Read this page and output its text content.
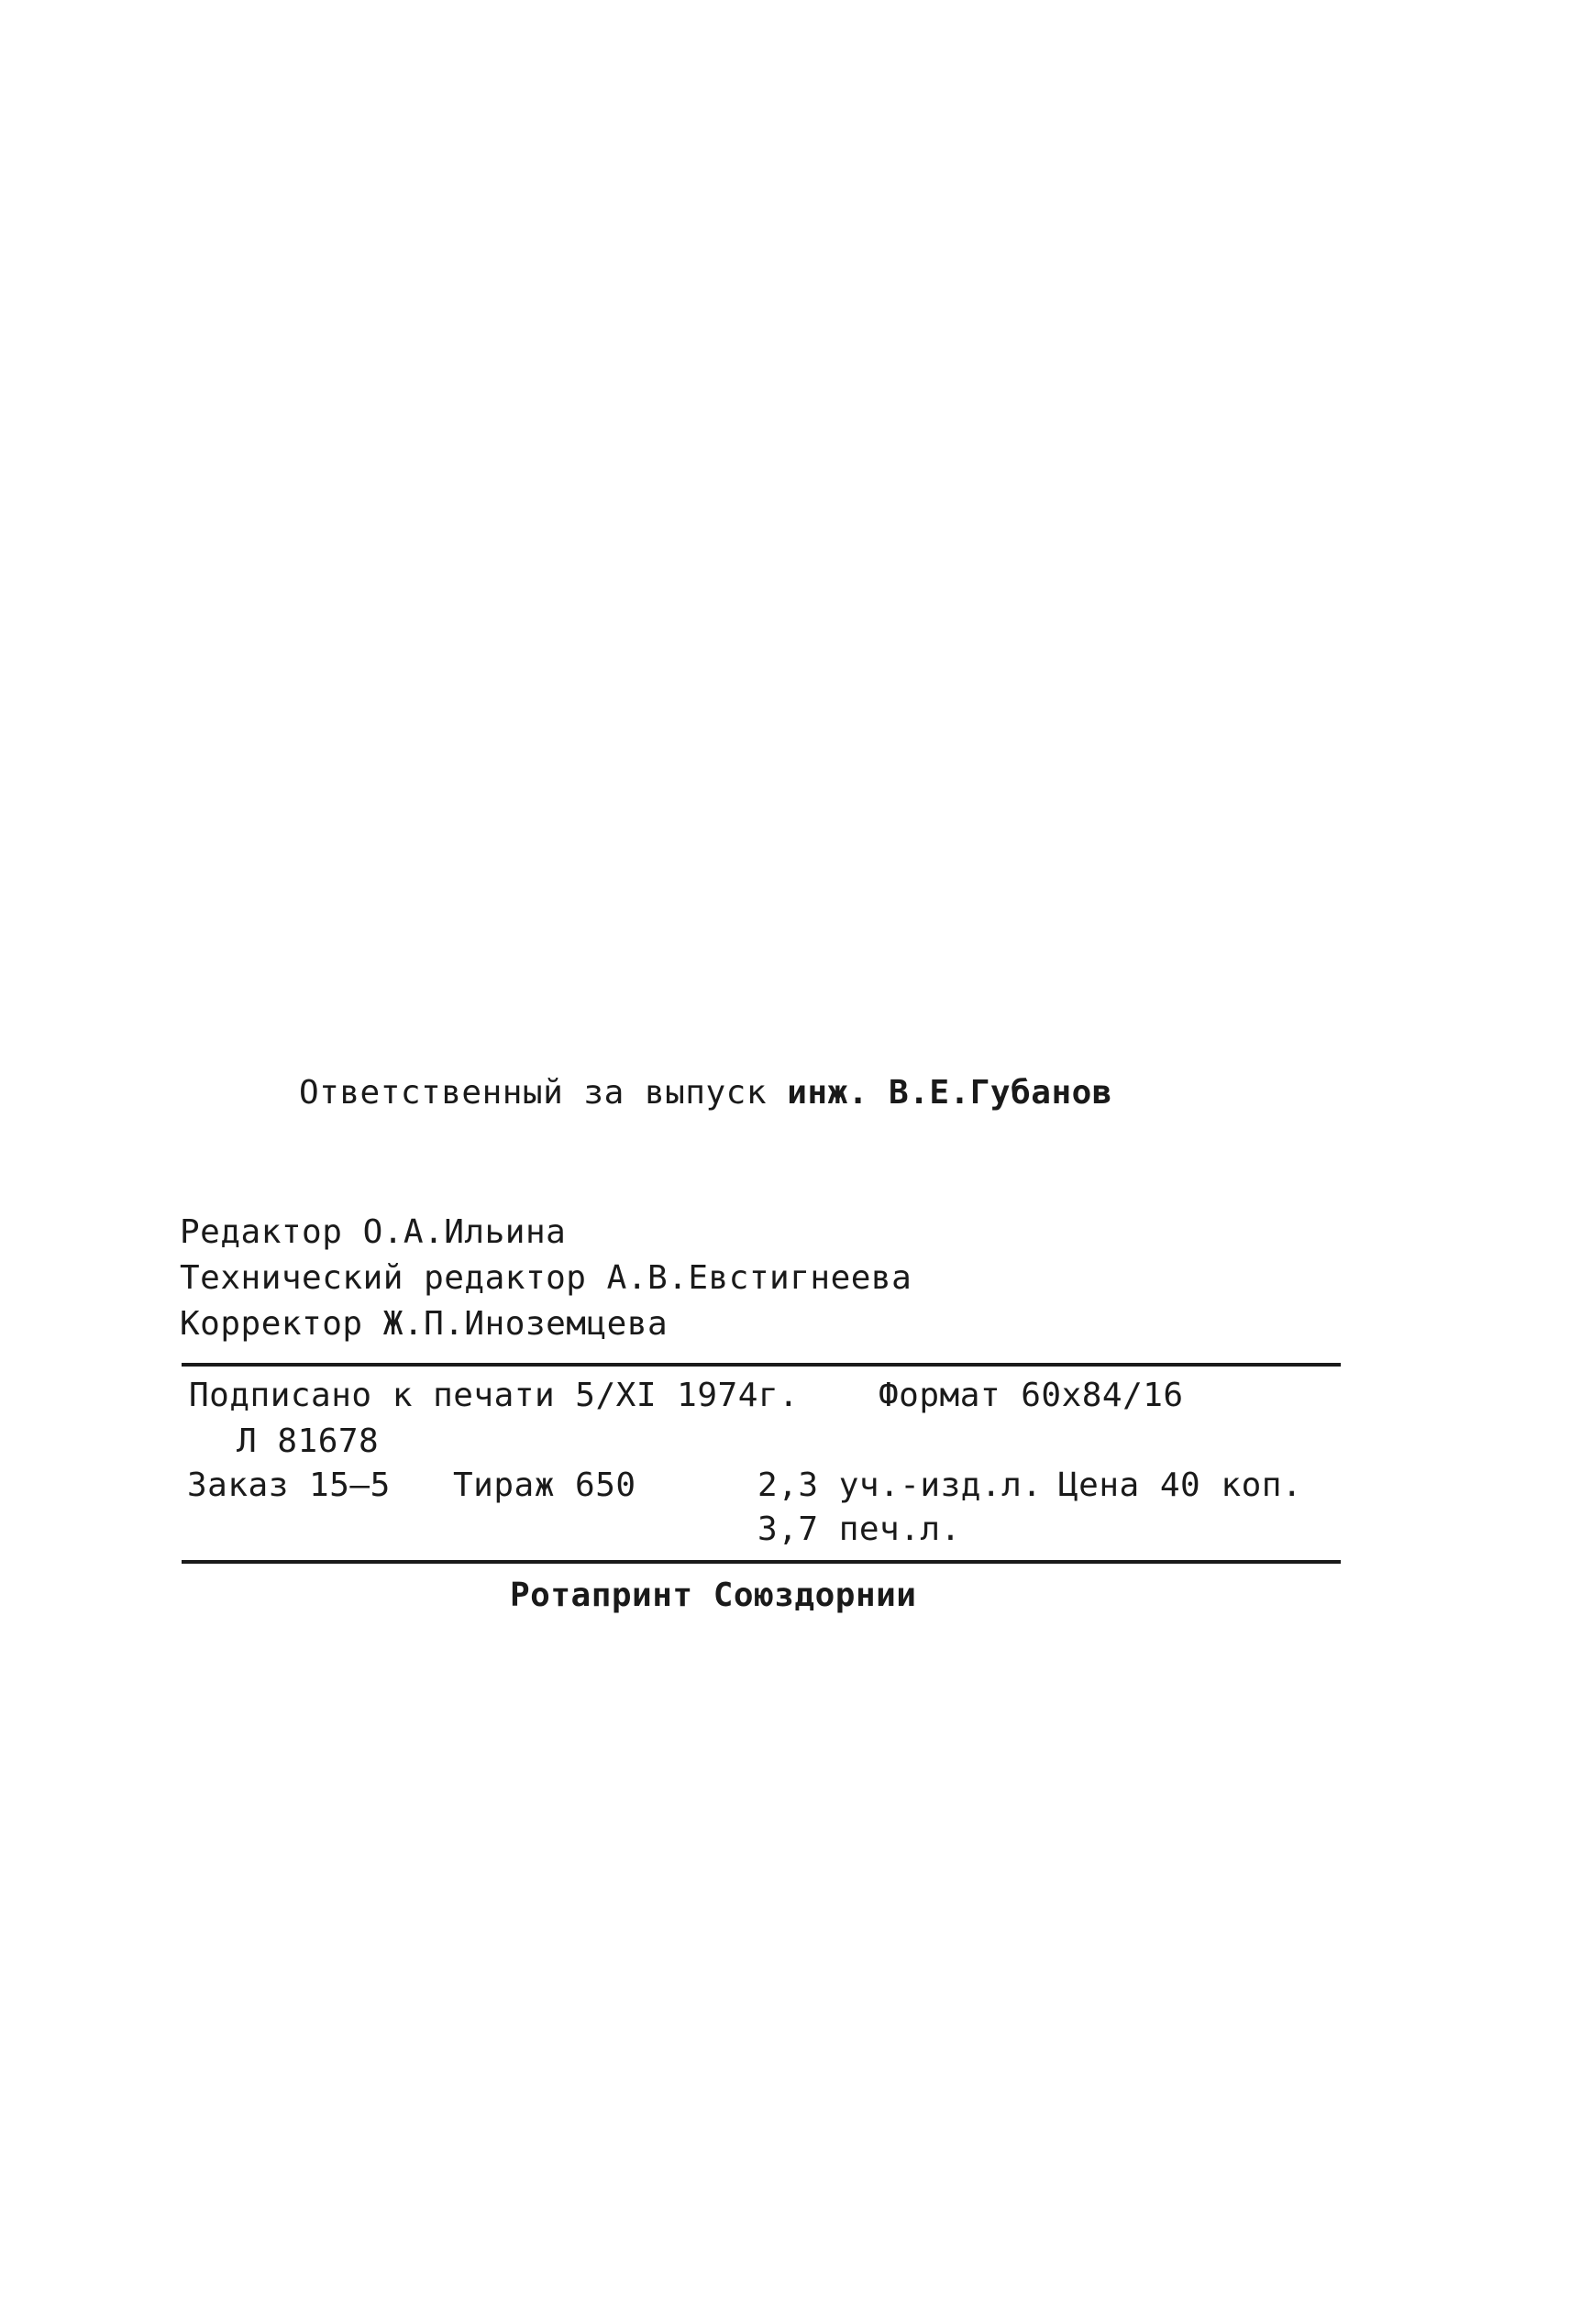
Ответственный за выпуск инж. В.Е.Губанов
Редактор О.А.Ильина
Технический редактор А.В.Евстигнеева
Корректор Ж.П.Иноземцева
Подписано к печати 5/XI 1974г. Формат 60х84/16
Л 81678
Заказ 15–5 Тираж 650	2,3 уч.-изд.л. Цена 40 коп.
3,7 печ.л.
Ротапринт Союздорнии
